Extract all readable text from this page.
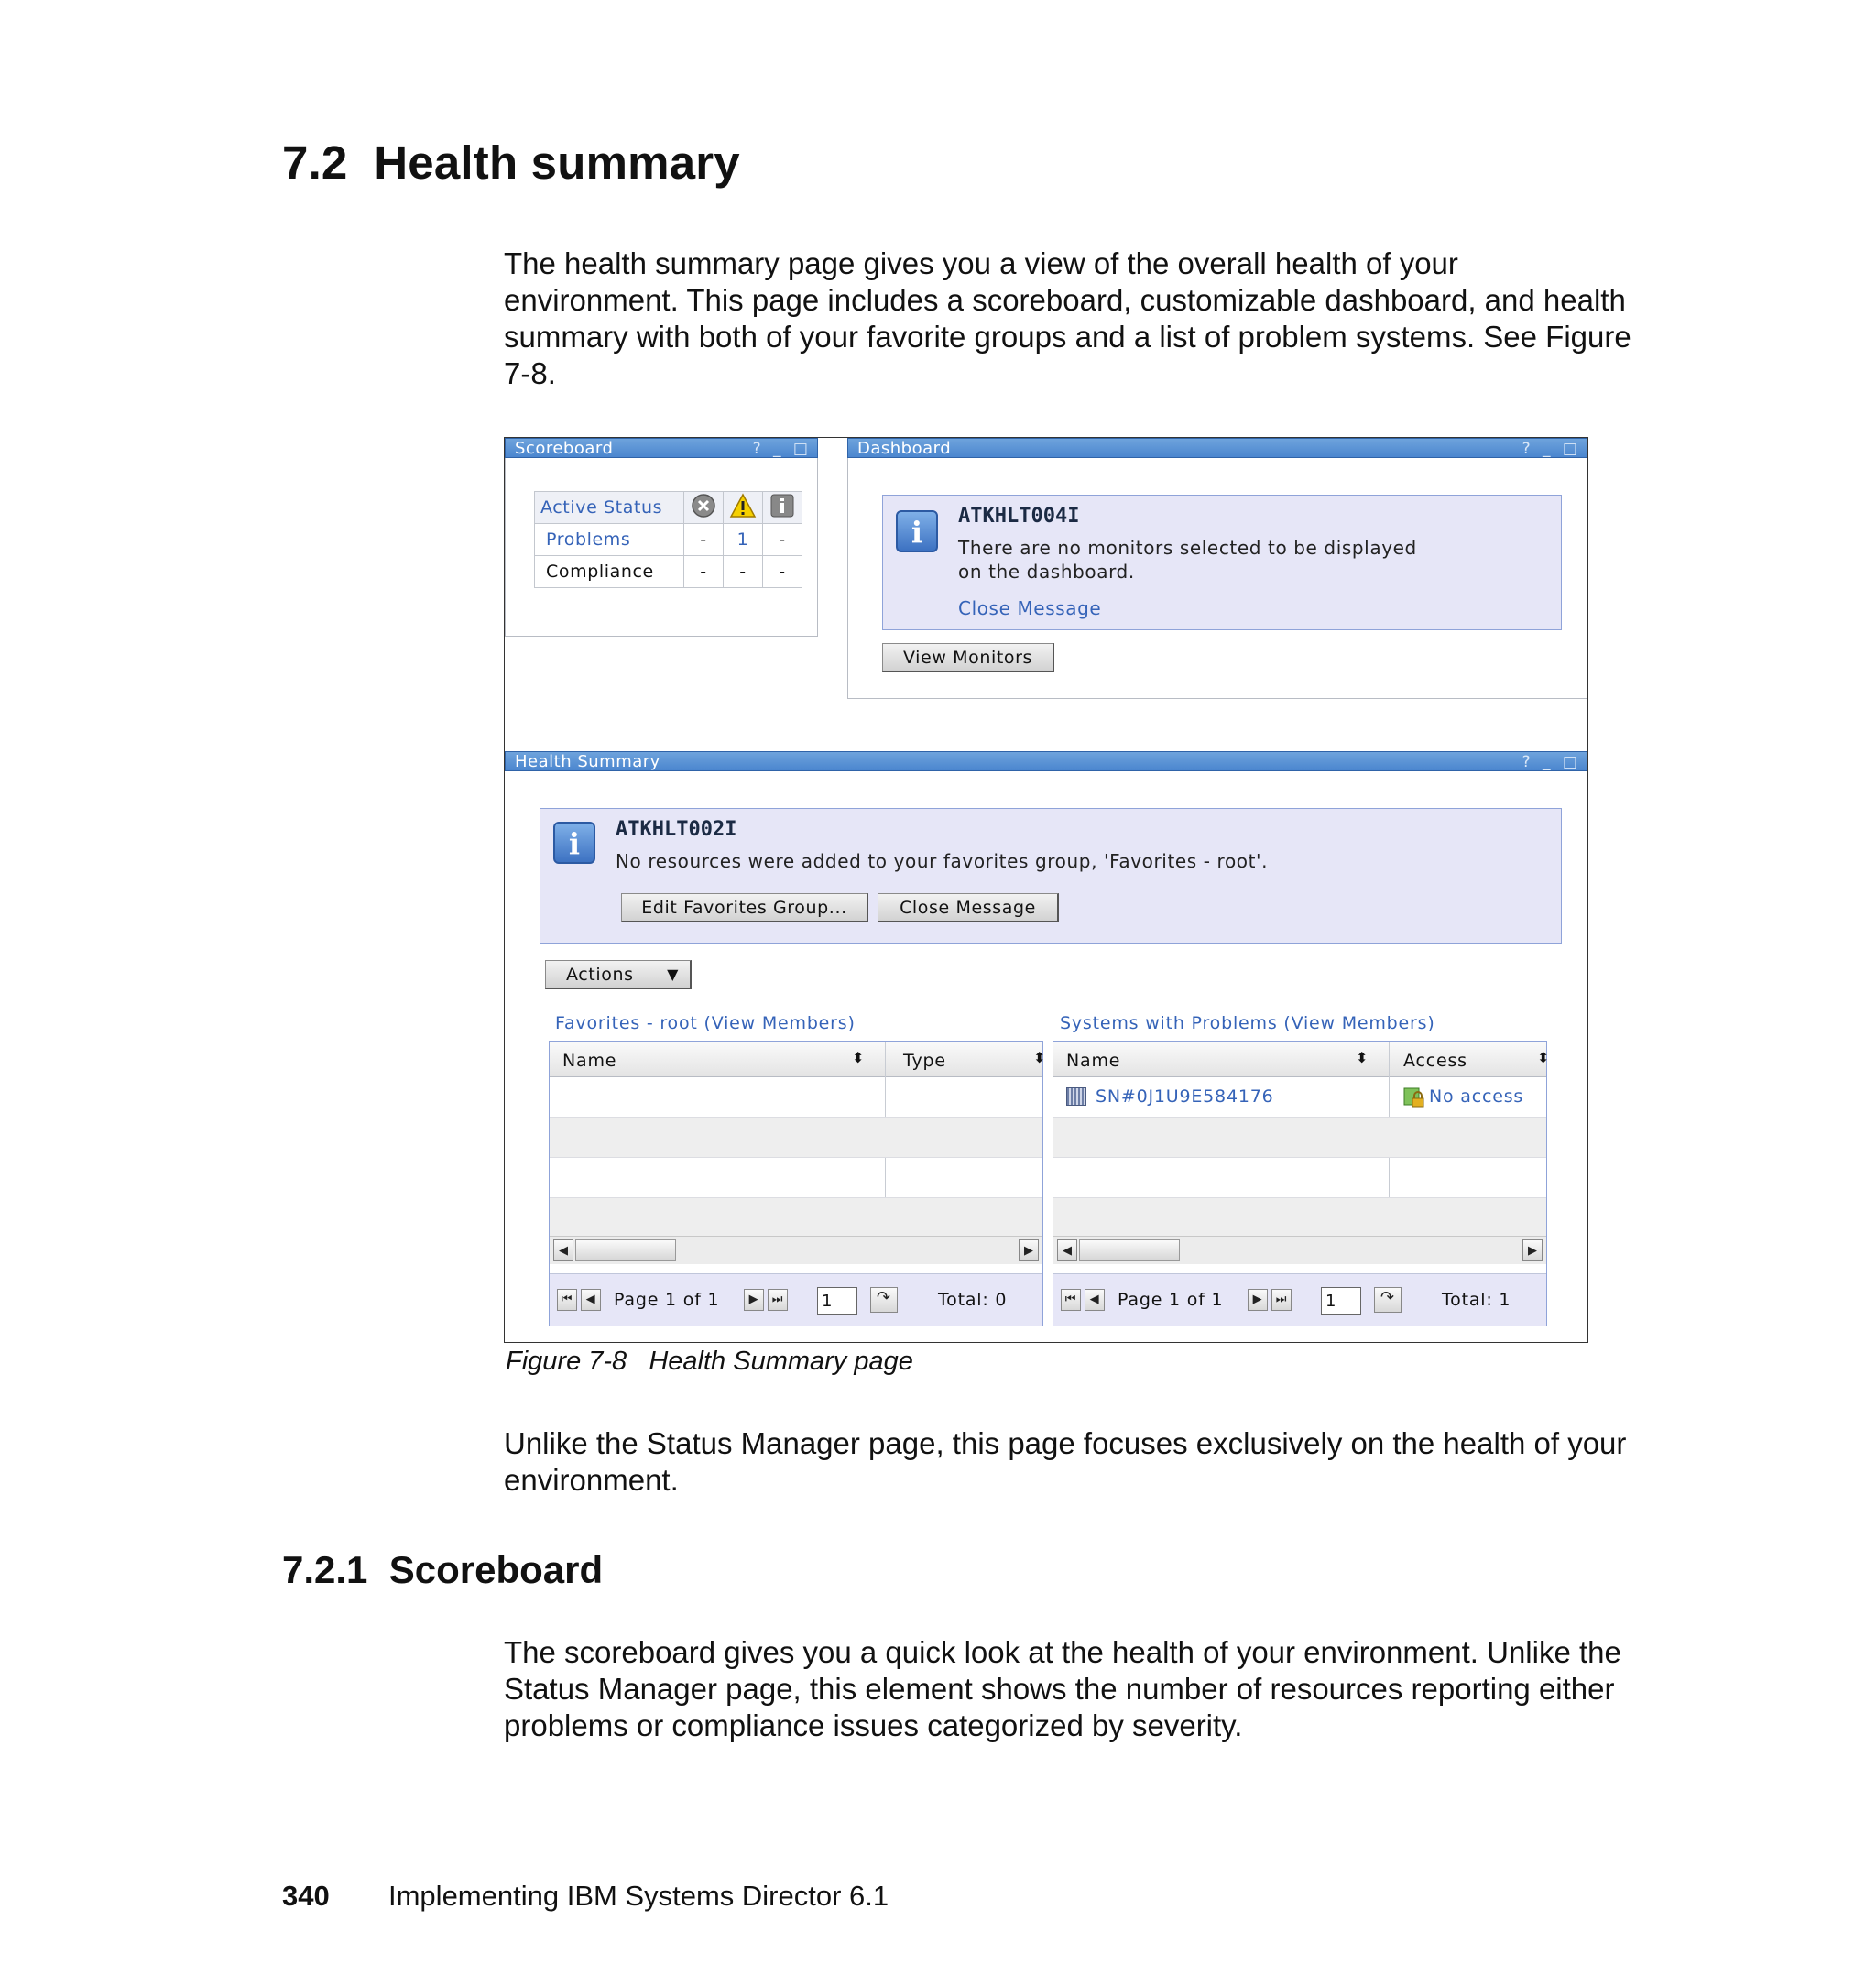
7.2 Health summary

The health summary page gives you a view of the overall health of your environment. This page includes a scoreboard, customizable dashboard, and health summary with both of your favorite groups and a list of problem systems. See Figure 7-8.

Scoreboard	? _ □
Active Status			
Problems	-	1	-
Compliance	-	-	-
Dashboard	? _ □
i	ATKHLT004I
There are no monitors selected to be displayed
on the dashboard.
Close Message
View Monitors
Health Summary	? _ □
i	ATKHLT002I
No resources were added to your favorites group, 'Favorites - root'.
Edit Favorites Group...	Close Message
Actions ▼
Favorites - root (View Members)
Name	⬍ Type	⬍
◀	▶
⏮	◀ Page 1 of 1	▶	⏭ 1	↷	Total: 0
Systems with Problems (View Members)
Name	⬍ Access	⬍
SN#0J1U9E584176	No access
◀	▶
⏮	◀ Page 1 of 1	▶	⏭ 1	↷	Total: 1
Figure 7-8   Health Summary page

Unlike the Status Manager page, this page focuses exclusively on the health of your environment.

7.2.1 Scoreboard

The scoreboard gives you a quick look at the health of your environment. Unlike the Status Manager page, this element shows the number of resources reporting either problems or compliance issues categorized by severity.

340 Implementing IBM Systems Director 6.1
